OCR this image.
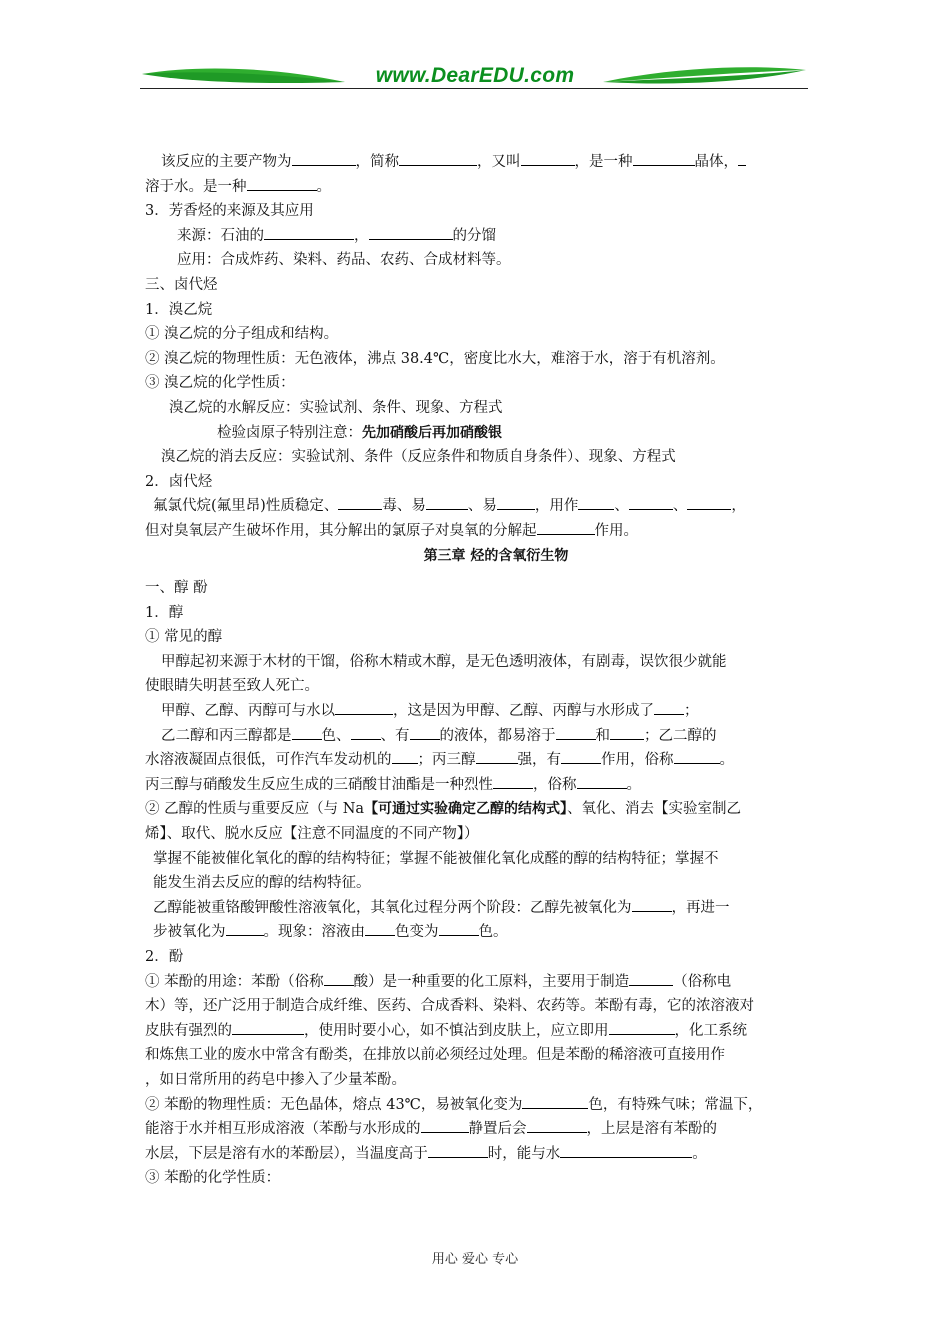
www.DearEDU.com
该反应的主要产物为	，简称	，又叫	，是一种	晶体，
溶于水。是一种	。
3．芳香烃的来源及其应用
来源：石油的	，	的分馏
应用：合成炸药、染料、药品、农药、合成材料等。
三、卤代烃
1．溴乙烷
① 溴乙烷的分子组成和结构。
② 溴乙烷的物理性质：无色液体，沸点 38.4℃，密度比水大，难溶于水，溶于有机溶剂。
③ 溴乙烷的化学性质：
溴乙烷的水解反应：实验试剂、条件、现象、方程式
检验卤原子特别注意：先加硝酸后再加硝酸银
溴乙烷的消去反应：实验试剂、条件（反应条件和物质自身条件）、现象、方程式
2．卤代烃
氟氯代烷(氟里昂)性质稳定、	毒、易	、易	，用作 、	、	，
但对臭氧层产生破坏作用，其分解出的氯原子对臭氧的分解起	作用。
第三章 烃的含氧衍生物
一、醇 酚
1．醇
① 常见的醇
甲醇起初来源于木材的干馏，俗称木精或木醇，是无色透明液体，有剧毒，误饮很少就能
使眼睛失明甚至致人死亡。
甲醇、乙醇、丙醇可与水以	，这是因为甲醇、乙醇、丙醇与水形成了 ；
乙二醇和丙三醇都是 色、 、有 的液体，都易溶于	和 ；乙二醇的
水溶液凝固点很低，可作汽车发动机的 ；丙三醇	强，有	作用，俗称	。
丙三醇与硝酸发生反应生成的三硝酸甘油酯是一种烈性	，俗称	。
② 乙醇的性质与重要反应（与 Na【可通过实验确定乙醇的结构式】、氧化、消去【实验室制乙
烯】、取代、脱水反应【注意不同温度的不同产物】）
掌握不能被催化氧化的醇的结构特征；掌握不能被催化氧化成醛的醇的结构特征；掌握不
能发生消去反应的醇的结构特征。
乙醇能被重铬酸钾酸性溶液氧化，其氧化过程分两个阶段：乙醇先被氧化为	，再进一
步被氧化为	。现象：溶液由 色变为	色。
2．酚
① 苯酚的用途：苯酚（俗称 酸）是一种重要的化工原料，主要用于制造	（俗称电
木）等，还广泛用于制造合成纤维、医药、合成香料、染料、农药等。苯酚有毒，它的浓溶液对
皮肤有强烈的	，使用时要小心，如不慎沾到皮肤上，应立即用	，化工系统
和炼焦工业的废水中常含有酚类，在排放以前必须经过处理。但是苯酚的稀溶液可直接用作
，如日常所用的药皂中掺入了少量苯酚。
② 苯酚的物理性质：无色晶体，熔点 43℃，易被氧化变为	色，有特殊气味；常温下，
能溶于水并相互形成溶液（苯酚与水形成的	静置后会	，上层是溶有苯酚的
水层，下层是溶有水的苯酚层），当温度高于	时，能与水	。
③ 苯酚的化学性质：
用心 爱心 专心
